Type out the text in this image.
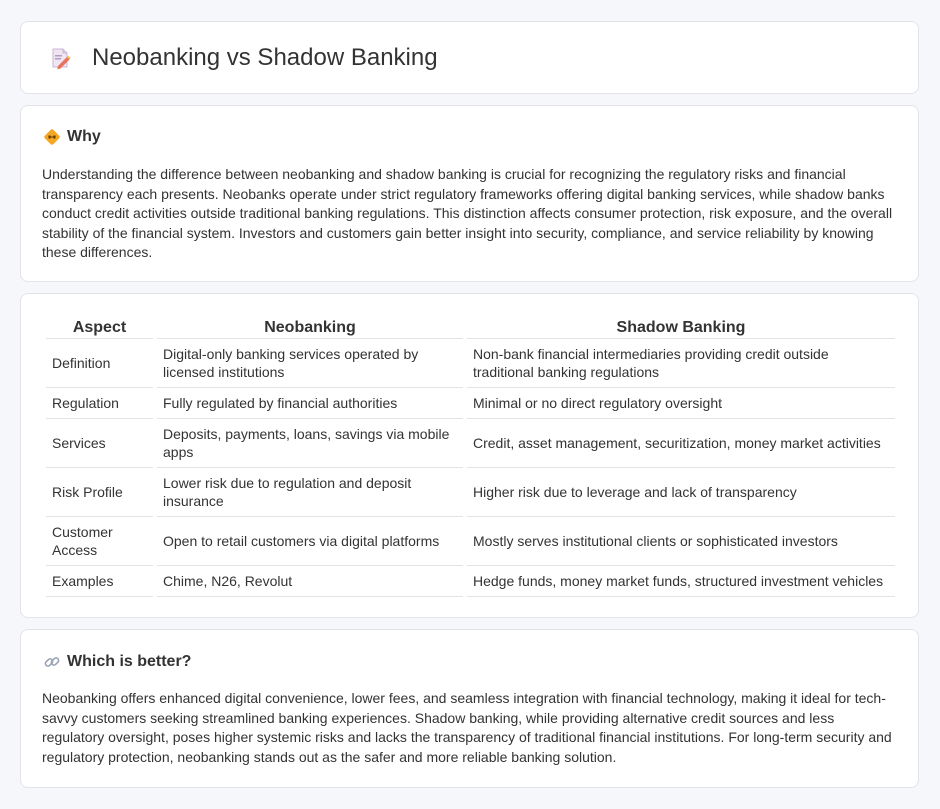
Neobanking vs Shadow Banking
Why

Understanding the difference between neobanking and shadow banking is crucial for recognizing the regulatory risks and financial transparency each presents. Neobanks operate under strict regulatory frameworks offering digital banking services, while shadow banks conduct credit activities outside traditional banking regulations. This distinction affects consumer protection, risk exposure, and the overall stability of the financial system. Investors and customers gain better insight into security, compliance, and service reliability by knowing these differences.

Aspect	Neobanking	Shadow Banking
Definition	Digital-only banking services operated by licensed institutions	Non-bank financial intermediaries providing credit outside traditional banking regulations
Regulation	Fully regulated by financial authorities	Minimal or no direct regulatory oversight
Services	Deposits, payments, loans, savings via mobile apps	Credit, asset management, securitization, money market activities
Risk Profile	Lower risk due to regulation and deposit insurance	Higher risk due to leverage and lack of transparency
Customer Access	Open to retail customers via digital platforms	Mostly serves institutional clients or sophisticated investors
Examples	Chime, N26, Revolut	Hedge funds, money market funds, structured investment vehicles
Which is better?

Neobanking offers enhanced digital convenience, lower fees, and seamless integration with financial technology, making it ideal for tech-savvy customers seeking streamlined banking experiences. Shadow banking, while providing alternative credit sources and less regulatory oversight, poses higher systemic risks and lacks the transparency of traditional financial institutions. For long-term security and regulatory protection, neobanking stands out as the safer and more reliable banking solution.
